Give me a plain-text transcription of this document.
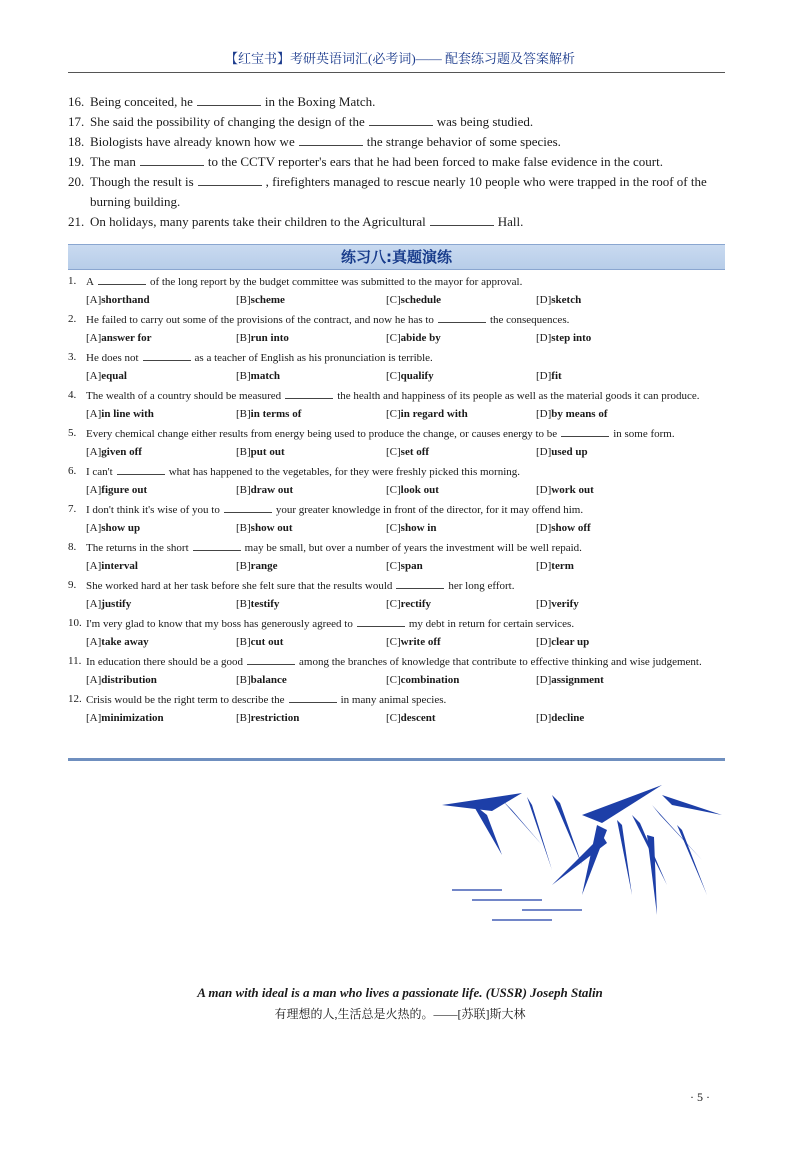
【红宝书】考研英语词汇(必考词)—— 配套练习题及答案解析
16. Being conceited, he	in the Boxing Match.
17. She said the possibility of changing the design of the	was being studied.
18. Biologists have already known how we	the strange behavior of some species.
19. The man	to the CCTV reporter's ears that he had been forced to make false evidence in the court.
20. Though the result is	, firefighters managed to rescue nearly 10 people who were trapped in the roof of the burning building.
21. On holidays, many parents take their children to the Agricultural	Hall.
练习八:真题演练
1. A	of the long report by the budget committee was submitted to the mayor for approval.
[A]shorthand	[B]scheme	[C]schedule	[D]sketch
2. He failed to carry out some of the provisions of the contract, and now he has to	the consequences.
[A]answer for	[B]run into	[C]abide by	[D]step into
3. He does not	as a teacher of English as his pronunciation is terrible.
[A]equal	[B]match	[C]qualify	[D]fit
4. The wealth of a country should be measured	the health and happiness of its people as well as the material goods it can produce.
[A]in line with	[B]in terms of	[C]in regard with	[D]by means of
5. Every chemical change either results from energy being used to produce the change, or causes energy to be	in some form.
[A]given off	[B]put out	[C]set off	[D]used up
6. I can't	what has happened to the vegetables, for they were freshly picked this morning.
[A]figure out	[B]draw out	[C]look out	[D]work out
7. I don't think it's wise of you to	your greater knowledge in front of the director, for it may offend him.
[A]show up	[B]show out	[C]show in	[D]show off
8. The returns in the short	may be small, but over a number of years the investment will be well repaid.
[A]interval	[B]range	[C]span	[D]term
9. She worked hard at her task before she felt sure that the results would	her long effort.
[A]justify	[B]testify	[C]rectify	[D]verify
10. I'm very glad to know that my boss has generously agreed to	my debt in return for certain services.
[A]take away	[B]cut out	[C]write off	[D]clear up
11. In education there should be a good	among the branches of knowledge that contribute to effective thinking and wise judgement.
[A]distribution	[B]balance	[C]combination	[D]assignment
12. Crisis would be the right term to describe the	in many animal species.
[A]minimization	[B]restriction	[C]descent	[D]decline
A man with ideal is a man who lives a passionate life. (USSR) Joseph Stalin
有理想的人,生活总是火热的。——[苏联]斯大林
· 5 ·
